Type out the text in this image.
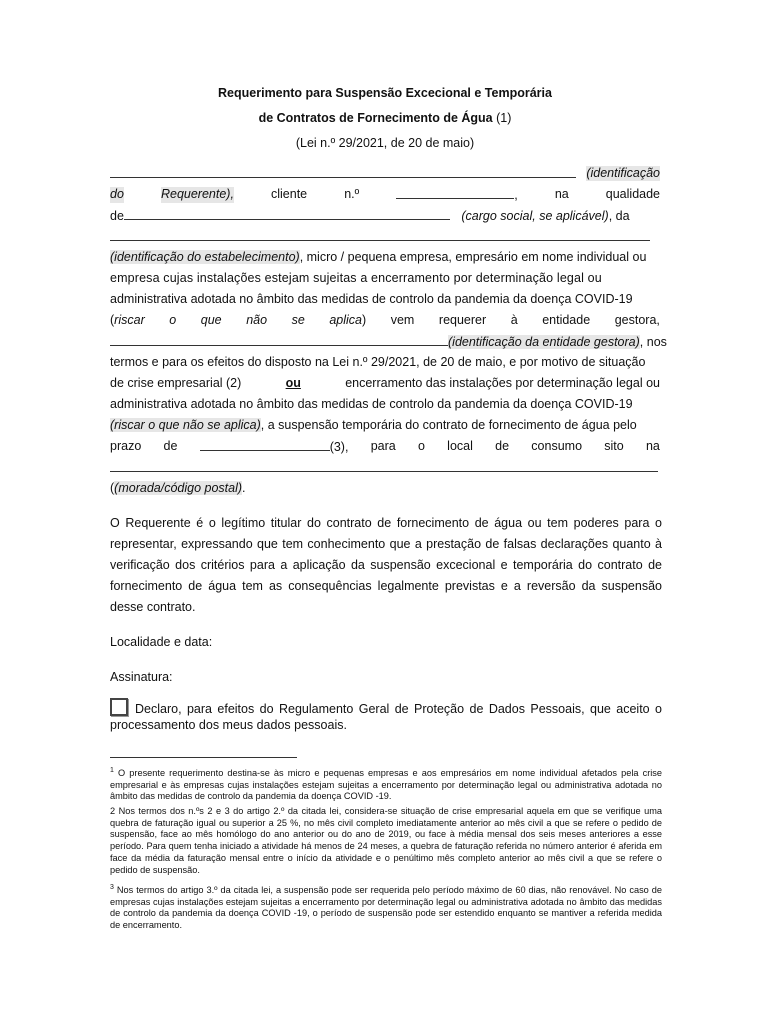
Requerimento para Suspensão Excecional e Temporária
de Contratos de Fornecimento de Água (1)
(Lei n.º 29/2021, de 20 de maio)
(identificação
do	Requerente),	cliente	n.º	,	na	qualidade
de	(cargo social, se aplicável), da
(identificação do estabelecimento), micro / pequena empresa, empresário em nome individual ou
empresa cujas instalações estejam sujeitas a encerramento por determinação legal ou
administrativa adotada no âmbito das medidas de controlo da pandemia da doença COVID-19
(riscar o que não se aplica) vem requerer à entidade gestora,
(identificação da entidade gestora), nos
termos e para os efeitos do disposto na Lei n.º 29/2021, de 20 de maio, e por motivo de situação
de crise empresarial (2)	ou	encerramento das instalações por determinação legal ou
administrativa adotada no âmbito das medidas de controlo da pandemia da doença COVID-19
(riscar o que não se aplica), a suspensão temporária do contrato de fornecimento de água pelo
prazo de	(3), para o local de consumo sito na
((morada/código postal).
O Requerente é o legítimo titular do contrato de fornecimento de água ou tem poderes para o representar, expressando que tem conhecimento que a prestação de falsas declarações quanto à verificação dos critérios para a aplicação da suspensão excecional e temporária do contrato de fornecimento de água tem as consequências legalmente previstas e a reversão da suspensão desse contrato.
Localidade e data:
Assinatura:
Declaro, para efeitos do Regulamento Geral de Proteção de Dados Pessoais, que aceito o processamento dos meus dados pessoais.
$^1$ O presente requerimento destina-se às micro e pequenas empresas e aos empresários em nome individual afetados pela crise empresarial e às empresas cujas instalações estejam sujeitas a encerramento por determinação legal ou administrativa adotada no âmbito das medidas de controlo da pandemia da doença COVID -19.
2 Nos termos dos n.ºs 2 e 3 do artigo 2.º da citada lei, considera-se situação de crise empresarial aquela em que se verifique uma quebra de faturação igual ou superior a 25 %, no mês civil completo imediatamente anterior ao mês civil a que se refere o pedido de suspensão, face ao mês homólogo do ano anterior ou do ano de 2019, ou face à média mensal dos seis meses anteriores a esse período. Para quem tenha iniciado a atividade há menos de 24 meses, a quebra de faturação referida no número anterior é aferida em face da média da faturação mensal entre o início da atividade e o penúltimo mês completo anterior ao mês civil a que se refere o pedido de suspensão.
$^3$ Nos termos do artigo 3.º da citada lei, a suspensão pode ser requerida pelo período máximo de 60 dias, não renovável. No caso de empresas cujas instalações estejam sujeitas a encerramento por determinação legal ou administrativa adotada no âmbito das medidas de controlo da pandemia da doença COVID -19, o período de suspensão pode ser estendido enquanto se mantiver a referida medida de encerramento.
